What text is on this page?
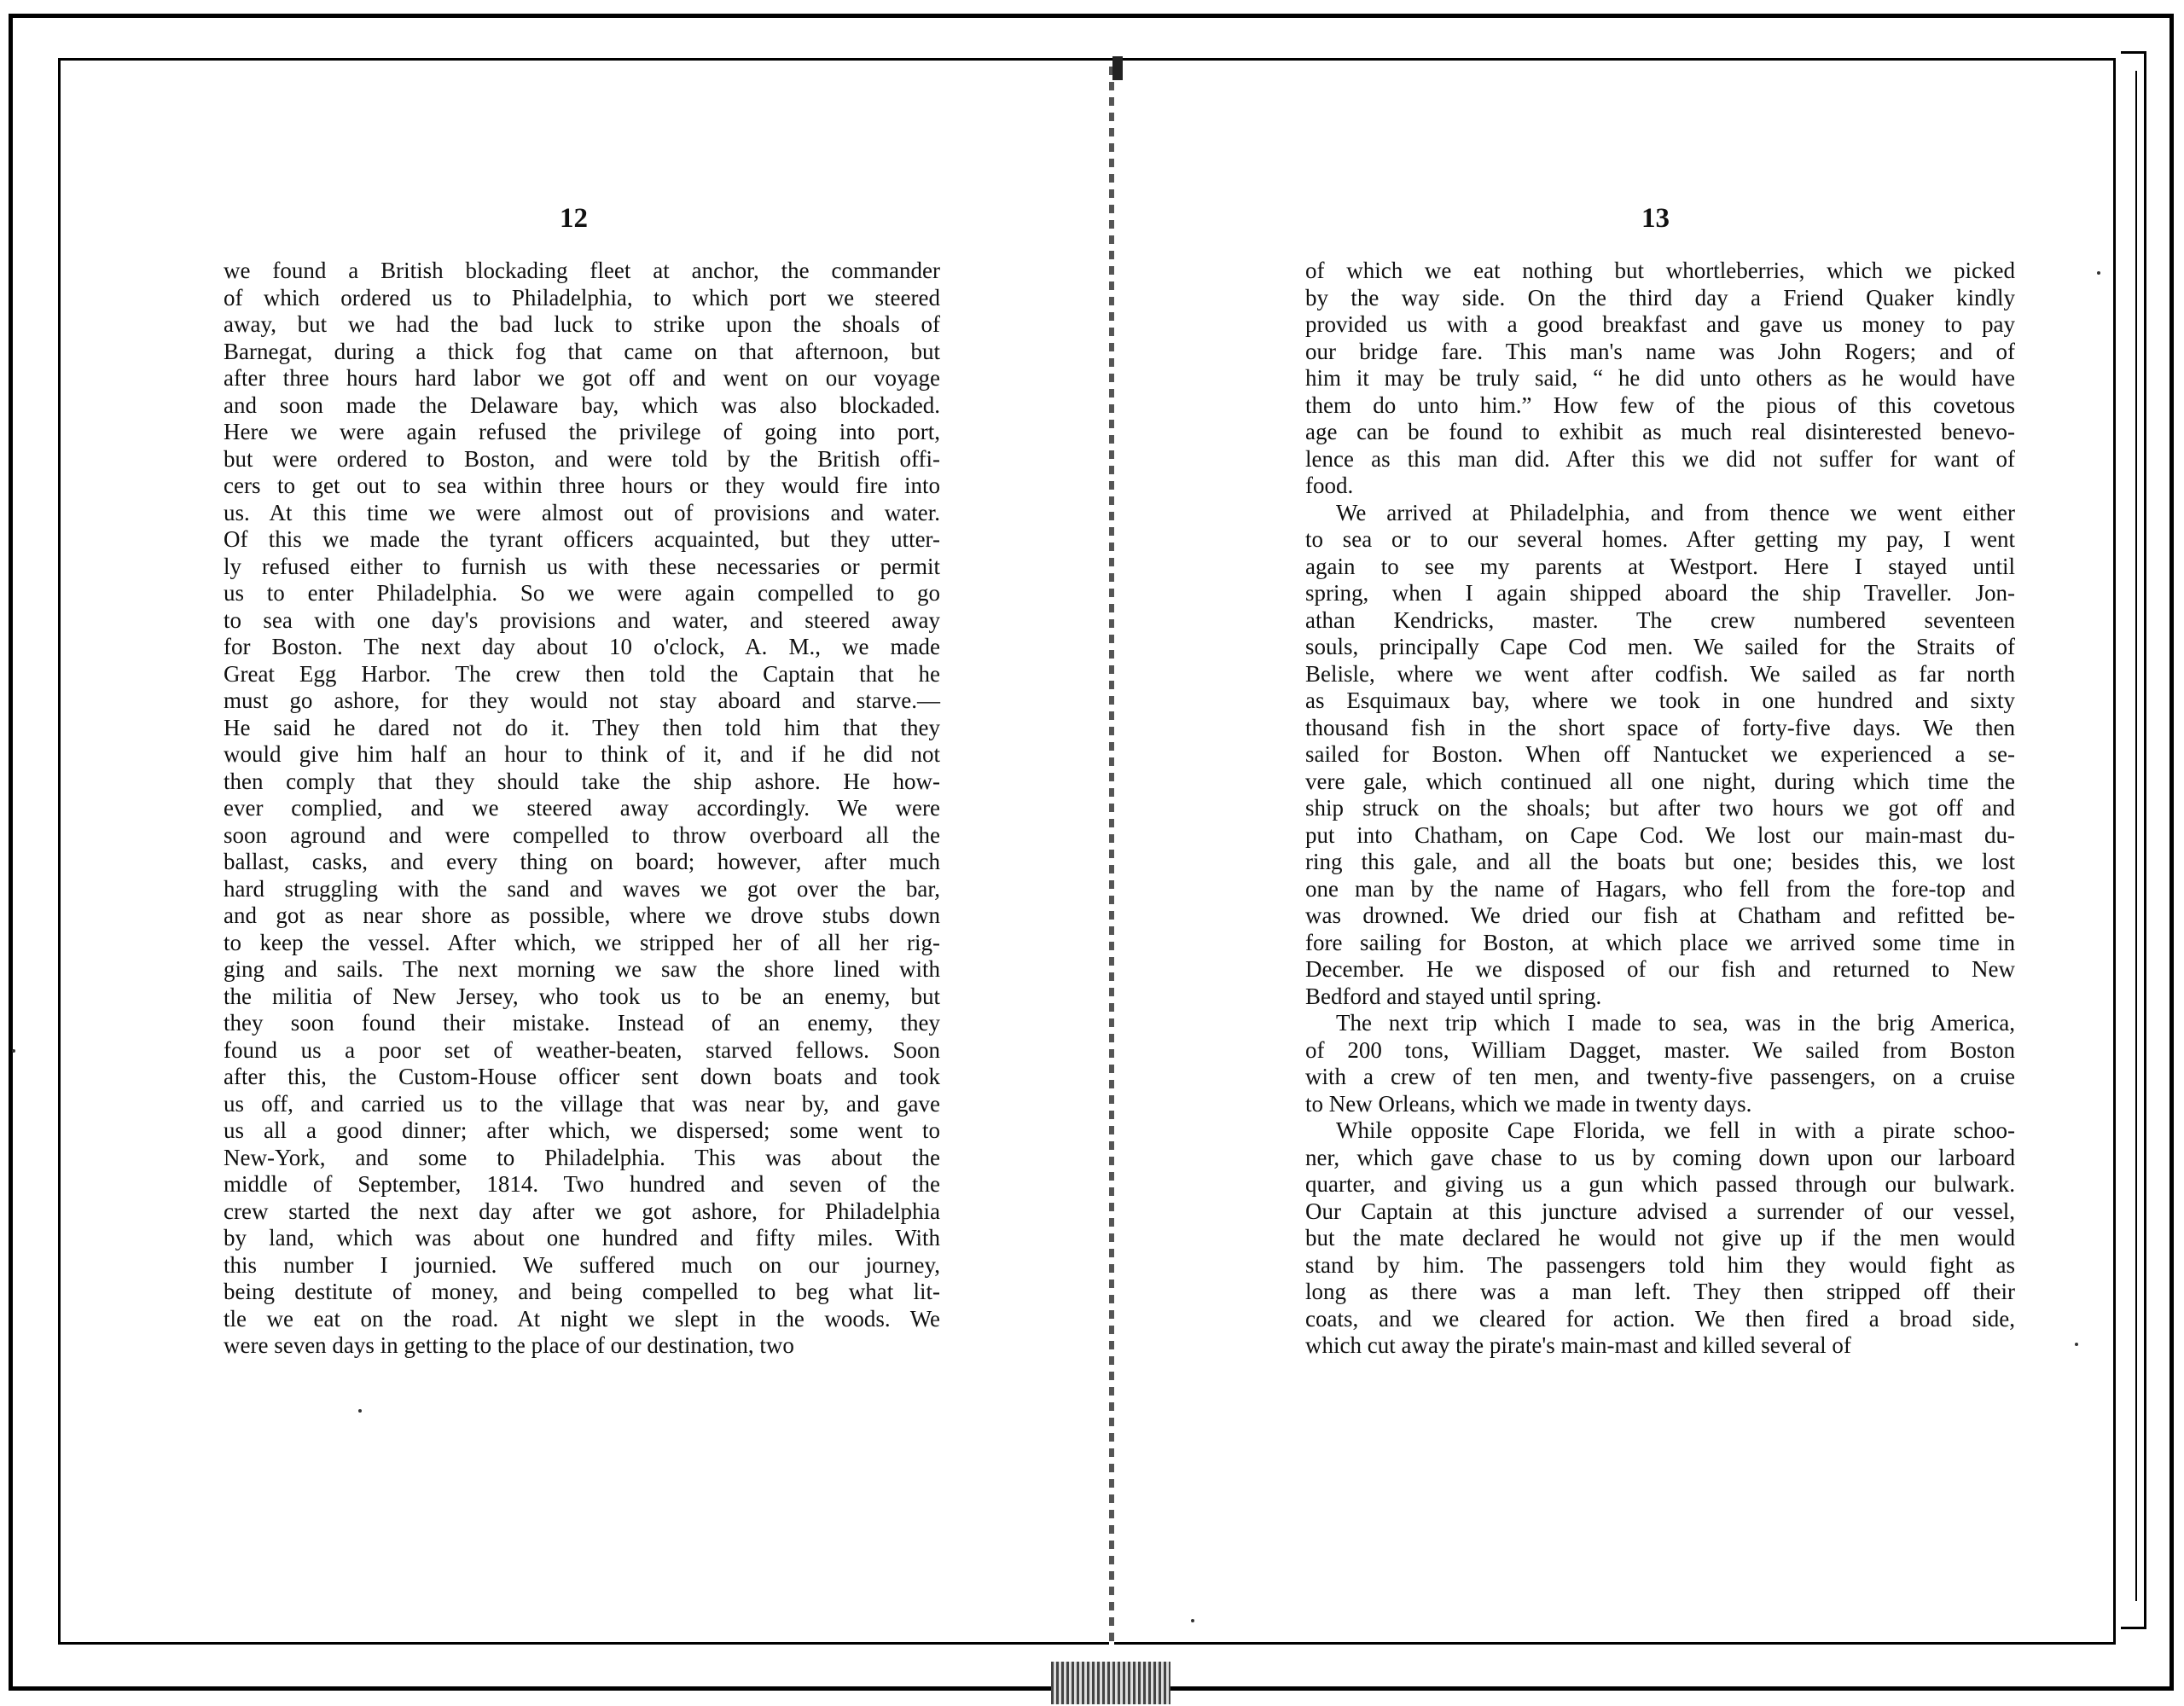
12	13
we found a British blockading fleet at anchor, the commander
of which ordered us to Philadelphia, to which port we steered
away, but we had the bad luck to strike upon the shoals of
Barnegat, during a thick fog that came on that afternoon, but
after three hours hard labor we got off and went on our voyage
and soon made the Delaware bay, which was also blockaded.
Here we were again refused the privilege of going into port,
but were ordered to Boston, and were told by the British offi-
cers to get out to sea within three hours or they would fire into
us. At this time we were almost out of provisions and water.
Of this we made the tyrant officers acquainted, but they utter-
ly refused either to furnish us with these necessaries or permit
us to enter Philadelphia. So we were again compelled to go
to sea with one day's provisions and water, and steered away
for Boston. The next day about 10 o'clock, A. M., we made
Great Egg Harbor. The crew then told the Captain that he
must go ashore, for they would not stay aboard and starve.—
He said he dared not do it. They then told him that they
would give him half an hour to think of it, and if he did not
then comply that they should take the ship ashore. He how-
ever complied, and we steered away accordingly. We were
soon aground and were compelled to throw overboard all the
ballast, casks, and every thing on board; however, after much
hard struggling with the sand and waves we got over the bar,
and got as near shore as possible, where we drove stubs down
to keep the vessel. After which, we stripped her of all her rig-
ging and sails. The next morning we saw the shore lined with
the militia of New Jersey, who took us to be an enemy, but
they soon found their mistake. Instead of an enemy, they
found us a poor set of weather-beaten, starved fellows. Soon
after this, the Custom-House officer sent down boats and took
us off, and carried us to the village that was near by, and gave
us all a good dinner; after which, we dispersed; some went to
New-York, and some to Philadelphia. This was about the
middle of September, 1814. Two hundred and seven of the
crew started the next day after we got ashore, for Philadelphia
by land, which was about one hundred and fifty miles. With
this number I journied. We suffered much on our journey,
being destitute of money, and being compelled to beg what lit-
tle we eat on the road. At night we slept in the woods. We
were seven days in getting to the place of our destination, two
of which we eat nothing but whortleberries, which we picked
by the way side. On the third day a Friend Quaker kindly
provided us with a good breakfast and gave us money to pay
our bridge fare. This man's name was John Rogers; and of
him it may be truly said, “ he did unto others as he would have
them do unto him.” How few of the pious of this covetous
age can be found to exhibit as much real disinterested benevo-
lence as this man did. After this we did not suffer for want of
food.
We arrived at Philadelphia, and from thence we went either
to sea or to our several homes. After getting my pay, I went
again to see my parents at Westport. Here I stayed until
spring, when I again shipped aboard the ship Traveller. Jon-
athan Kendricks, master. The crew numbered seventeen
souls, principally Cape Cod men. We sailed for the Straits of
Belisle, where we went after codfish. We sailed as far north
as Esquimaux bay, where we took in one hundred and sixty
thousand fish in the short space of forty-five days. We then
sailed for Boston. When off Nantucket we experienced a se-
vere gale, which continued all one night, during which time the
ship struck on the shoals; but after two hours we got off and
put into Chatham, on Cape Cod. We lost our main-mast du-
ring this gale, and all the boats but one; besides this, we lost
one man by the name of Hagars, who fell from the fore-top and
was drowned. We dried our fish at Chatham and refitted be-
fore sailing for Boston, at which place we arrived some time in
December. He we disposed of our fish and returned to New
Bedford and stayed until spring.
The next trip which I made to sea, was in the brig America,
of 200 tons, William Dagget, master. We sailed from Boston
with a crew of ten men, and twenty-five passengers, on a cruise
to New Orleans, which we made in twenty days.
While opposite Cape Florida, we fell in with a pirate schoo-
ner, which gave chase to us by coming down upon our larboard
quarter, and giving us a gun which passed through our bulwark.
Our Captain at this juncture advised a surrender of our vessel,
but the mate declared he would not give up if the men would
stand by him. The passengers told him they would fight as
long as there was a man left. They then stripped off their
coats, and we cleared for action. We then fired a broad side,
which cut away the pirate's main-mast and killed several of
